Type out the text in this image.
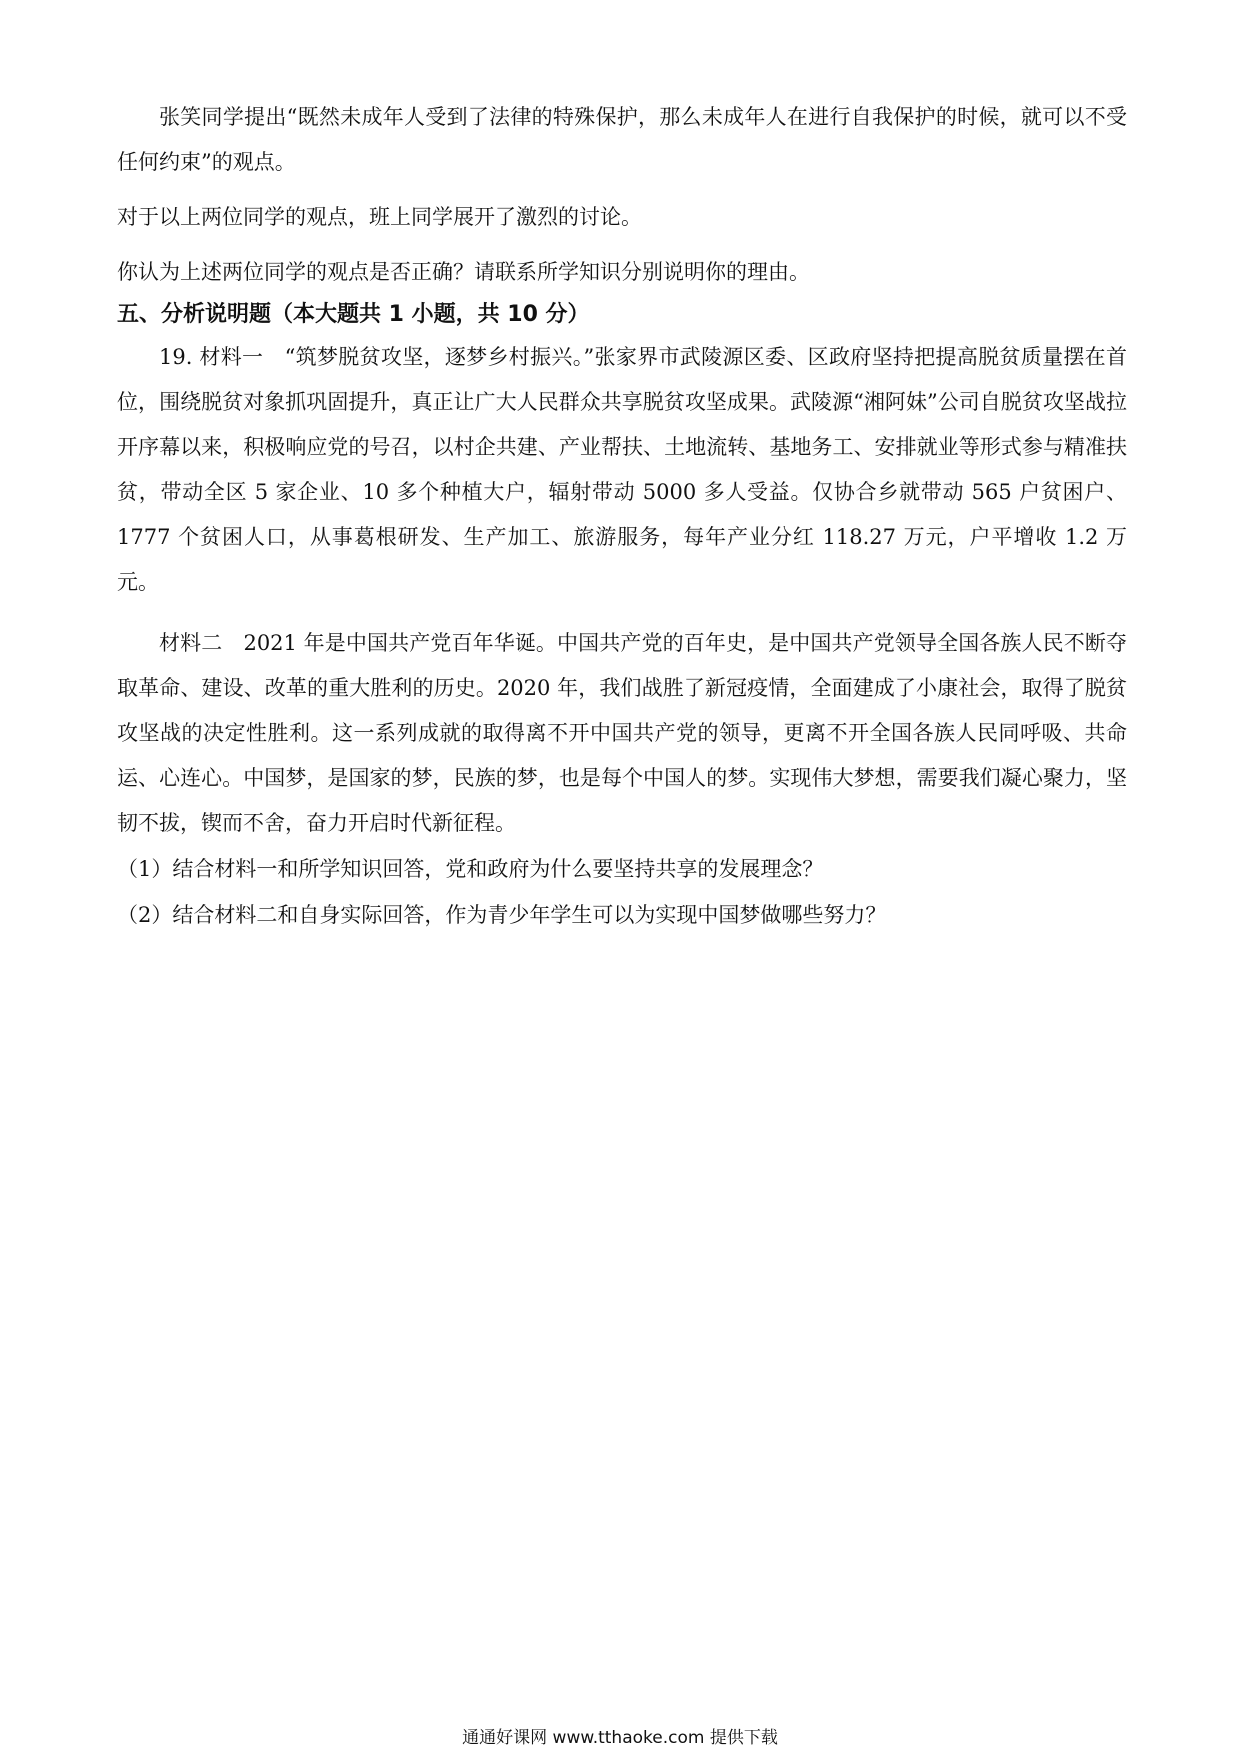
张笑同学提出“既然未成年人受到了法律的特殊保护，那么未成年人在进行自我保护的时候，就可以不受任何约束”的观点。

对于以上两位同学的观点，班上同学展开了激烈的讨论。

你认为上述两位同学的观点是否正确？请联系所学知识分别说明你的理由。

五、分析说明题（本大题共 1 小题，共 10 分）

19. 材料一　“筑梦脱贫攻坚，逐梦乡村振兴。”张家界市武陵源区委、区政府坚持把提高脱贫质量摆在首位，围绕脱贫对象抓巩固提升，真正让广大人民群众共享脱贫攻坚成果。武陵源“湘阿妹”公司自脱贫攻坚战拉开序幕以来，积极响应党的号召，以村企共建、产业帮扶、土地流转、基地务工、安排就业等形式参与精准扶贫，带动全区 5 家企业、10 多个种植大户，辐射带动 5000 多人受益。仅协合乡就带动 565 户贫困户、1777 个贫困人口，从事葛根研发、生产加工、旅游服务，每年产业分红 118.27 万元，户平增收 1.2 万元。

材料二　2021 年是中国共产党百年华诞。中国共产党的百年史，是中国共产党领导全国各族人民不断夺取革命、建设、改革的重大胜利的历史。2020 年，我们战胜了新冠疫情，全面建成了小康社会，取得了脱贫攻坚战的决定性胜利。这一系列成就的取得离不开中国共产党的领导，更离不开全国各族人民同呼吸、共命运、心连心。中国梦，是国家的梦，民族的梦，也是每个中国人的梦。实现伟大梦想，需要我们凝心聚力，坚韧不拔，锲而不舍，奋力开启时代新征程。

（1）结合材料一和所学知识回答，党和政府为什么要坚持共享的发展理念？

（2）结合材料二和自身实际回答，作为青少年学生可以为实现中国梦做哪些努力？

通通好课网 www.tthaoke.com 提供下载
